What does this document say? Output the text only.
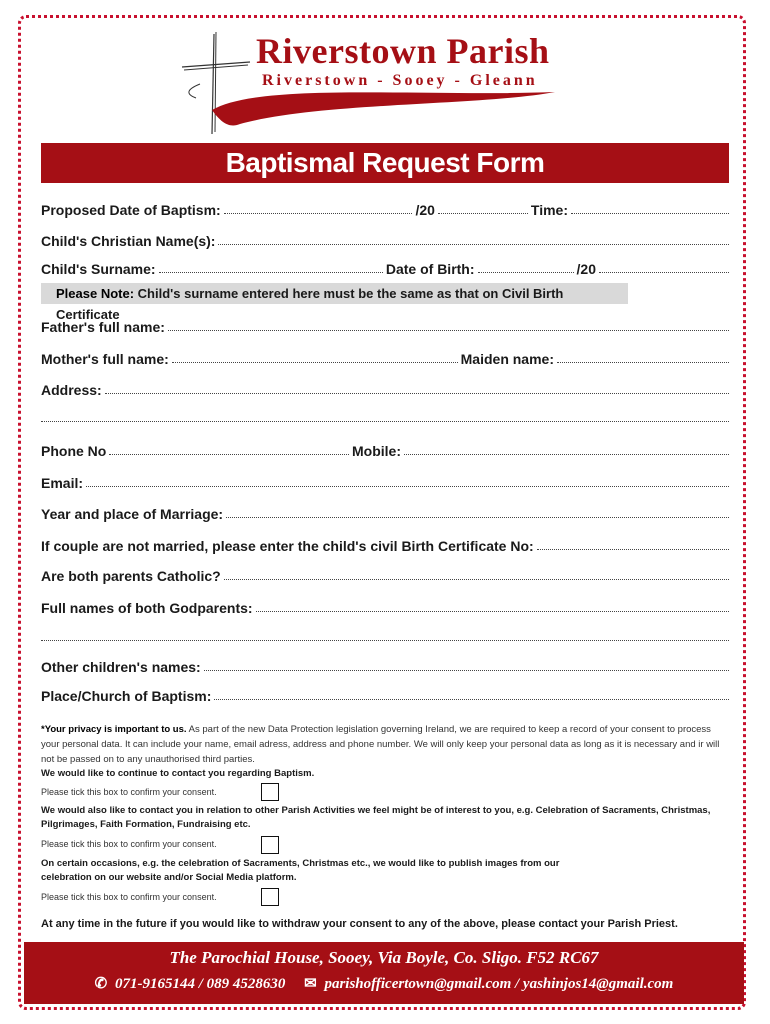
Riverstown Parish
Riverstown - Sooey - Gleann
Baptismal Request Form
Proposed Date of Baptism:	/20	Time:
Child's Christian Name(s):
Child's Surname:	Date of Birth:	/20
Please Note: Child's surname entered here must be the same as that on Civil Birth Certificate
Father's full name:
Mother's full name:	Maiden name:
Address:
Phone No	Mobile:
Email:
Year and place of Marriage:
If couple are not married, please enter the child's civil Birth Certificate No:
Are both parents Catholic?
Full names of both Godparents:
Other children's names:
Place/Church of Baptism:
*Your privacy is important to us. As part of the new Data Protection legislation governing Ireland, we are required to keep a record of your consent to process your personal data. It can include your name, email adress, address and phone number. We will only keep your personal data as long as it is necessary and ir will not be passed on to any unauthorised third parties.
We would like to continue to contact you regarding Baptism.
Please tick this box to confirm your consent.
We would also like to contact you in relation to other Parish Activities we feel might be of interest to you, e.g. Celebration of Sacraments, Christmas, Pilgrimages, Faith Formation, Fundraising etc.
Please tick this box to confirm your consent.
On certain occasions, e.g. the celebration of Sacraments, Christmas etc., we would like to publish images from our celebration on our website and/or Social Media platform.
Please tick this box to confirm your consent.
At any time in the future if you would like to withdraw your consent to any of the above, please contact your Parish Priest.
The Parochial House, Sooey, Via Boyle, Co. Sligo. F52 RC67
✆ 071-9165144 / 089 4528630 ✉ parishofficertown@gmail.com / yashinjos14@gmail.com
